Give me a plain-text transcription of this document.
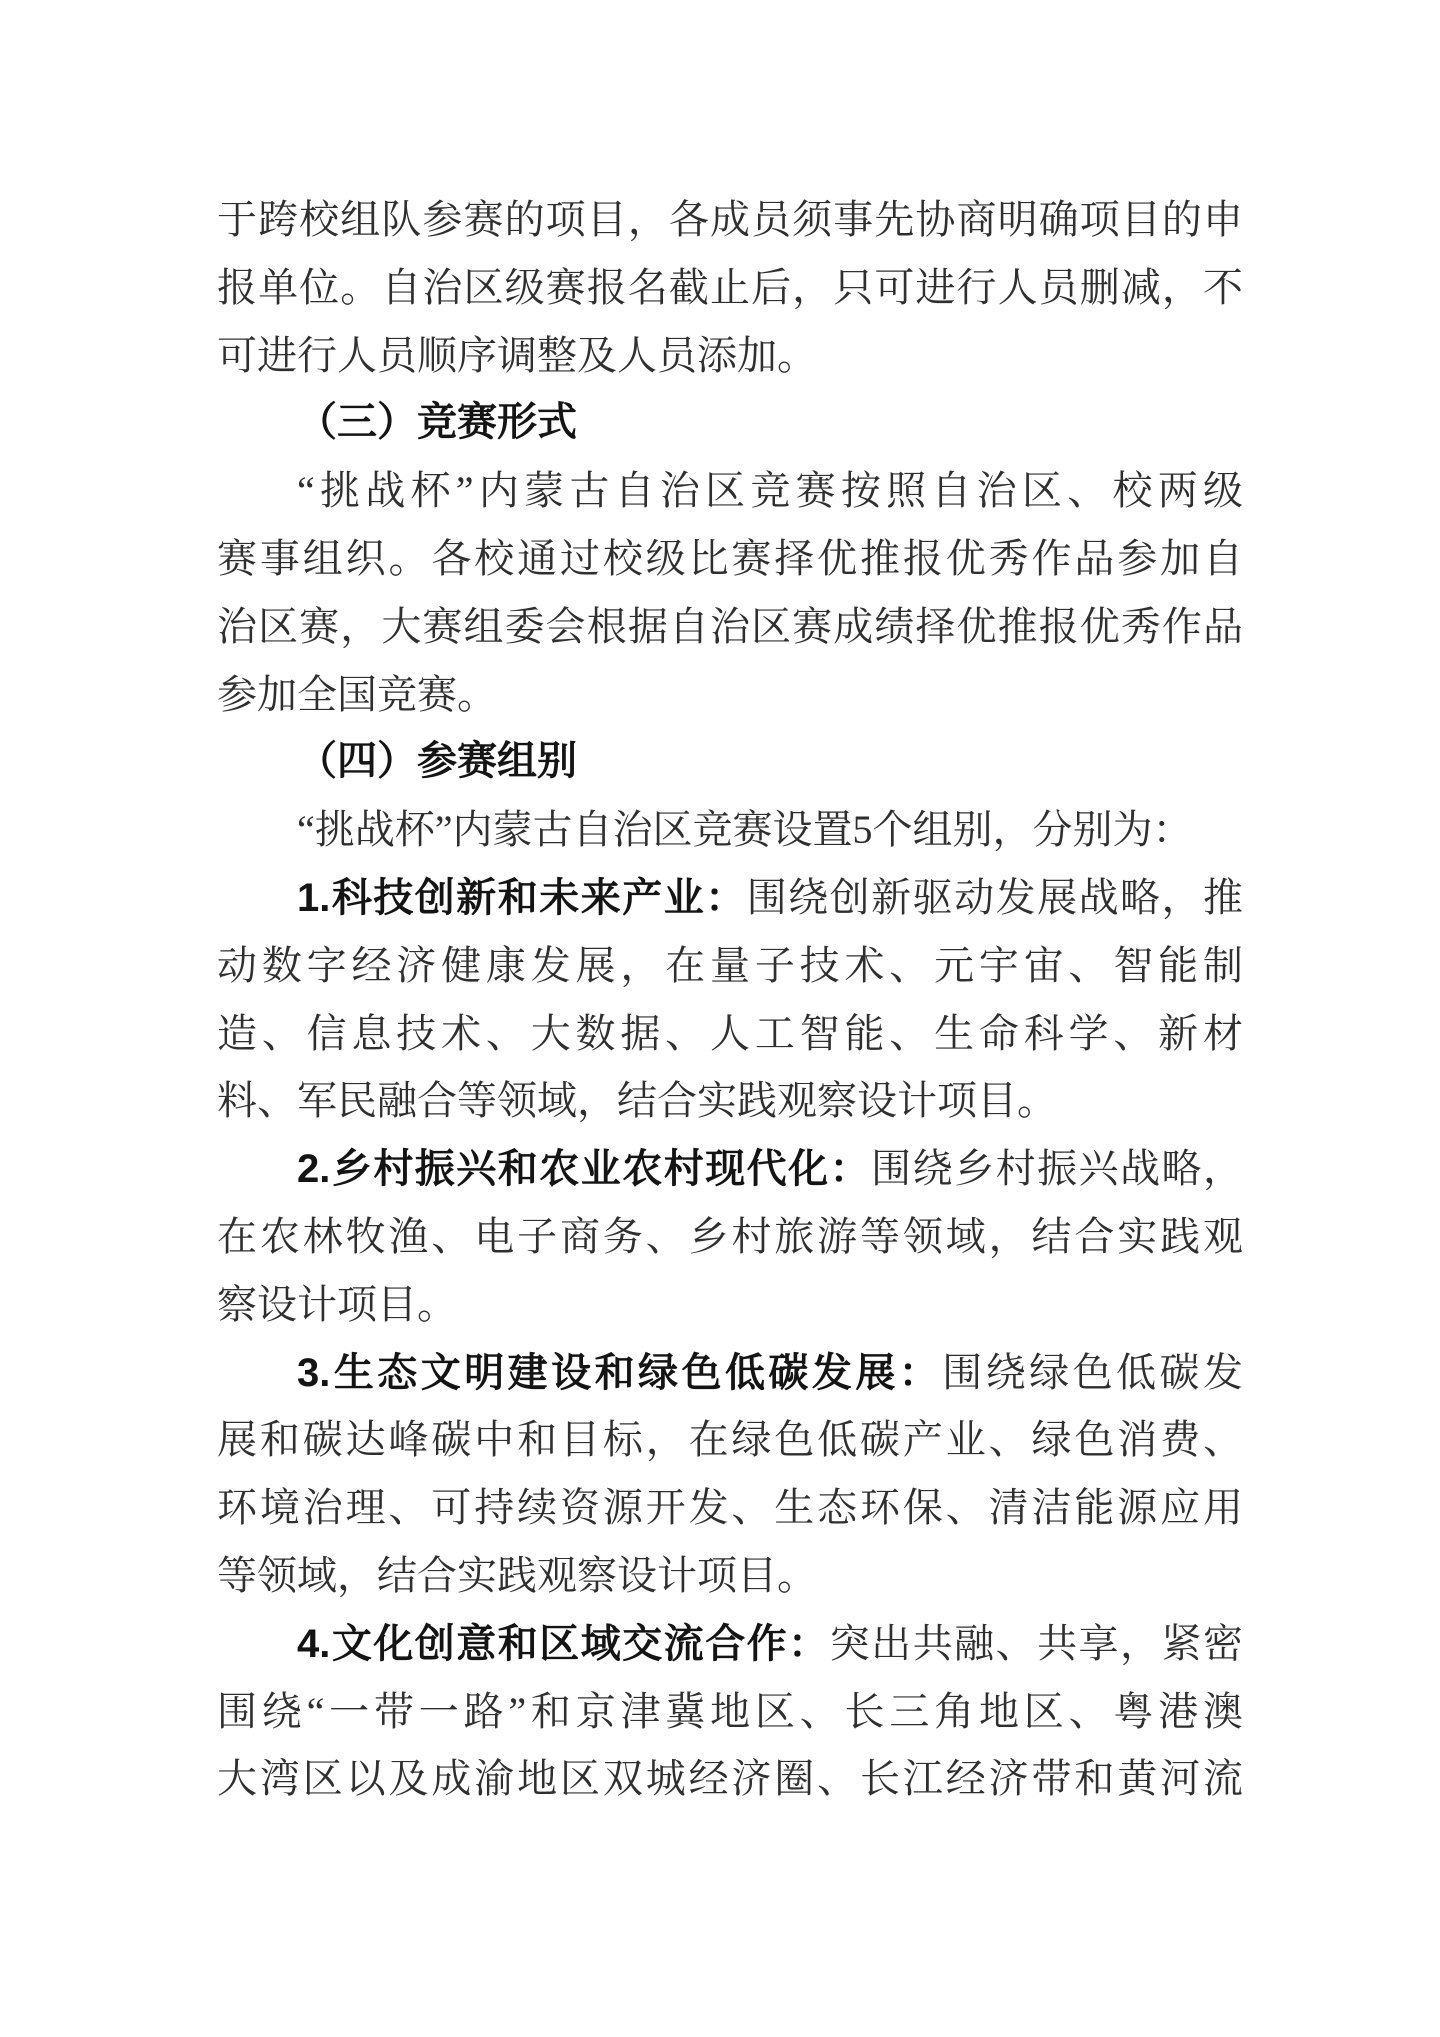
于跨校组队参赛的项目，各成员须事先协商明确项目的申
报单位。自治区级赛报名截止后，只可进行人员删减，不
可进行人员顺序调整及人员添加。
（三）竞赛形式
“挑战杯”内蒙古自治区竞赛按照自治区、校两级
赛事组织。各校通过校级比赛择优推报优秀作品参加自
治区赛，大赛组委会根据自治区赛成绩择优推报优秀作品
参加全国竞赛。
（四）参赛组别
“挑战杯”内蒙古自治区竞赛设置5个组别，分别为：
1.科技创新和未来产业：围绕创新驱动发展战略，推
动数字经济健康发展，在量子技术、元宇宙、智能制
造、信息技术、大数据、人工智能、生命科学、新材
料、军民融合等领域，结合实践观察设计项目。
2.乡村振兴和农业农村现代化：围绕乡村振兴战略，
在农林牧渔、电子商务、乡村旅游等领域，结合实践观
察设计项目。
3.生态文明建设和绿色低碳发展：围绕绿色低碳发
展和碳达峰碳中和目标，在绿色低碳产业、绿色消费、
环境治理、可持续资源开发、生态环保、清洁能源应用
等领域，结合实践观察设计项目。
4.文化创意和区域交流合作：突出共融、共享，紧密
围绕“一带一路”和京津冀地区、长三角地区、粤港澳
大湾区以及成渝地区双城经济圈、长江经济带和黄河流
